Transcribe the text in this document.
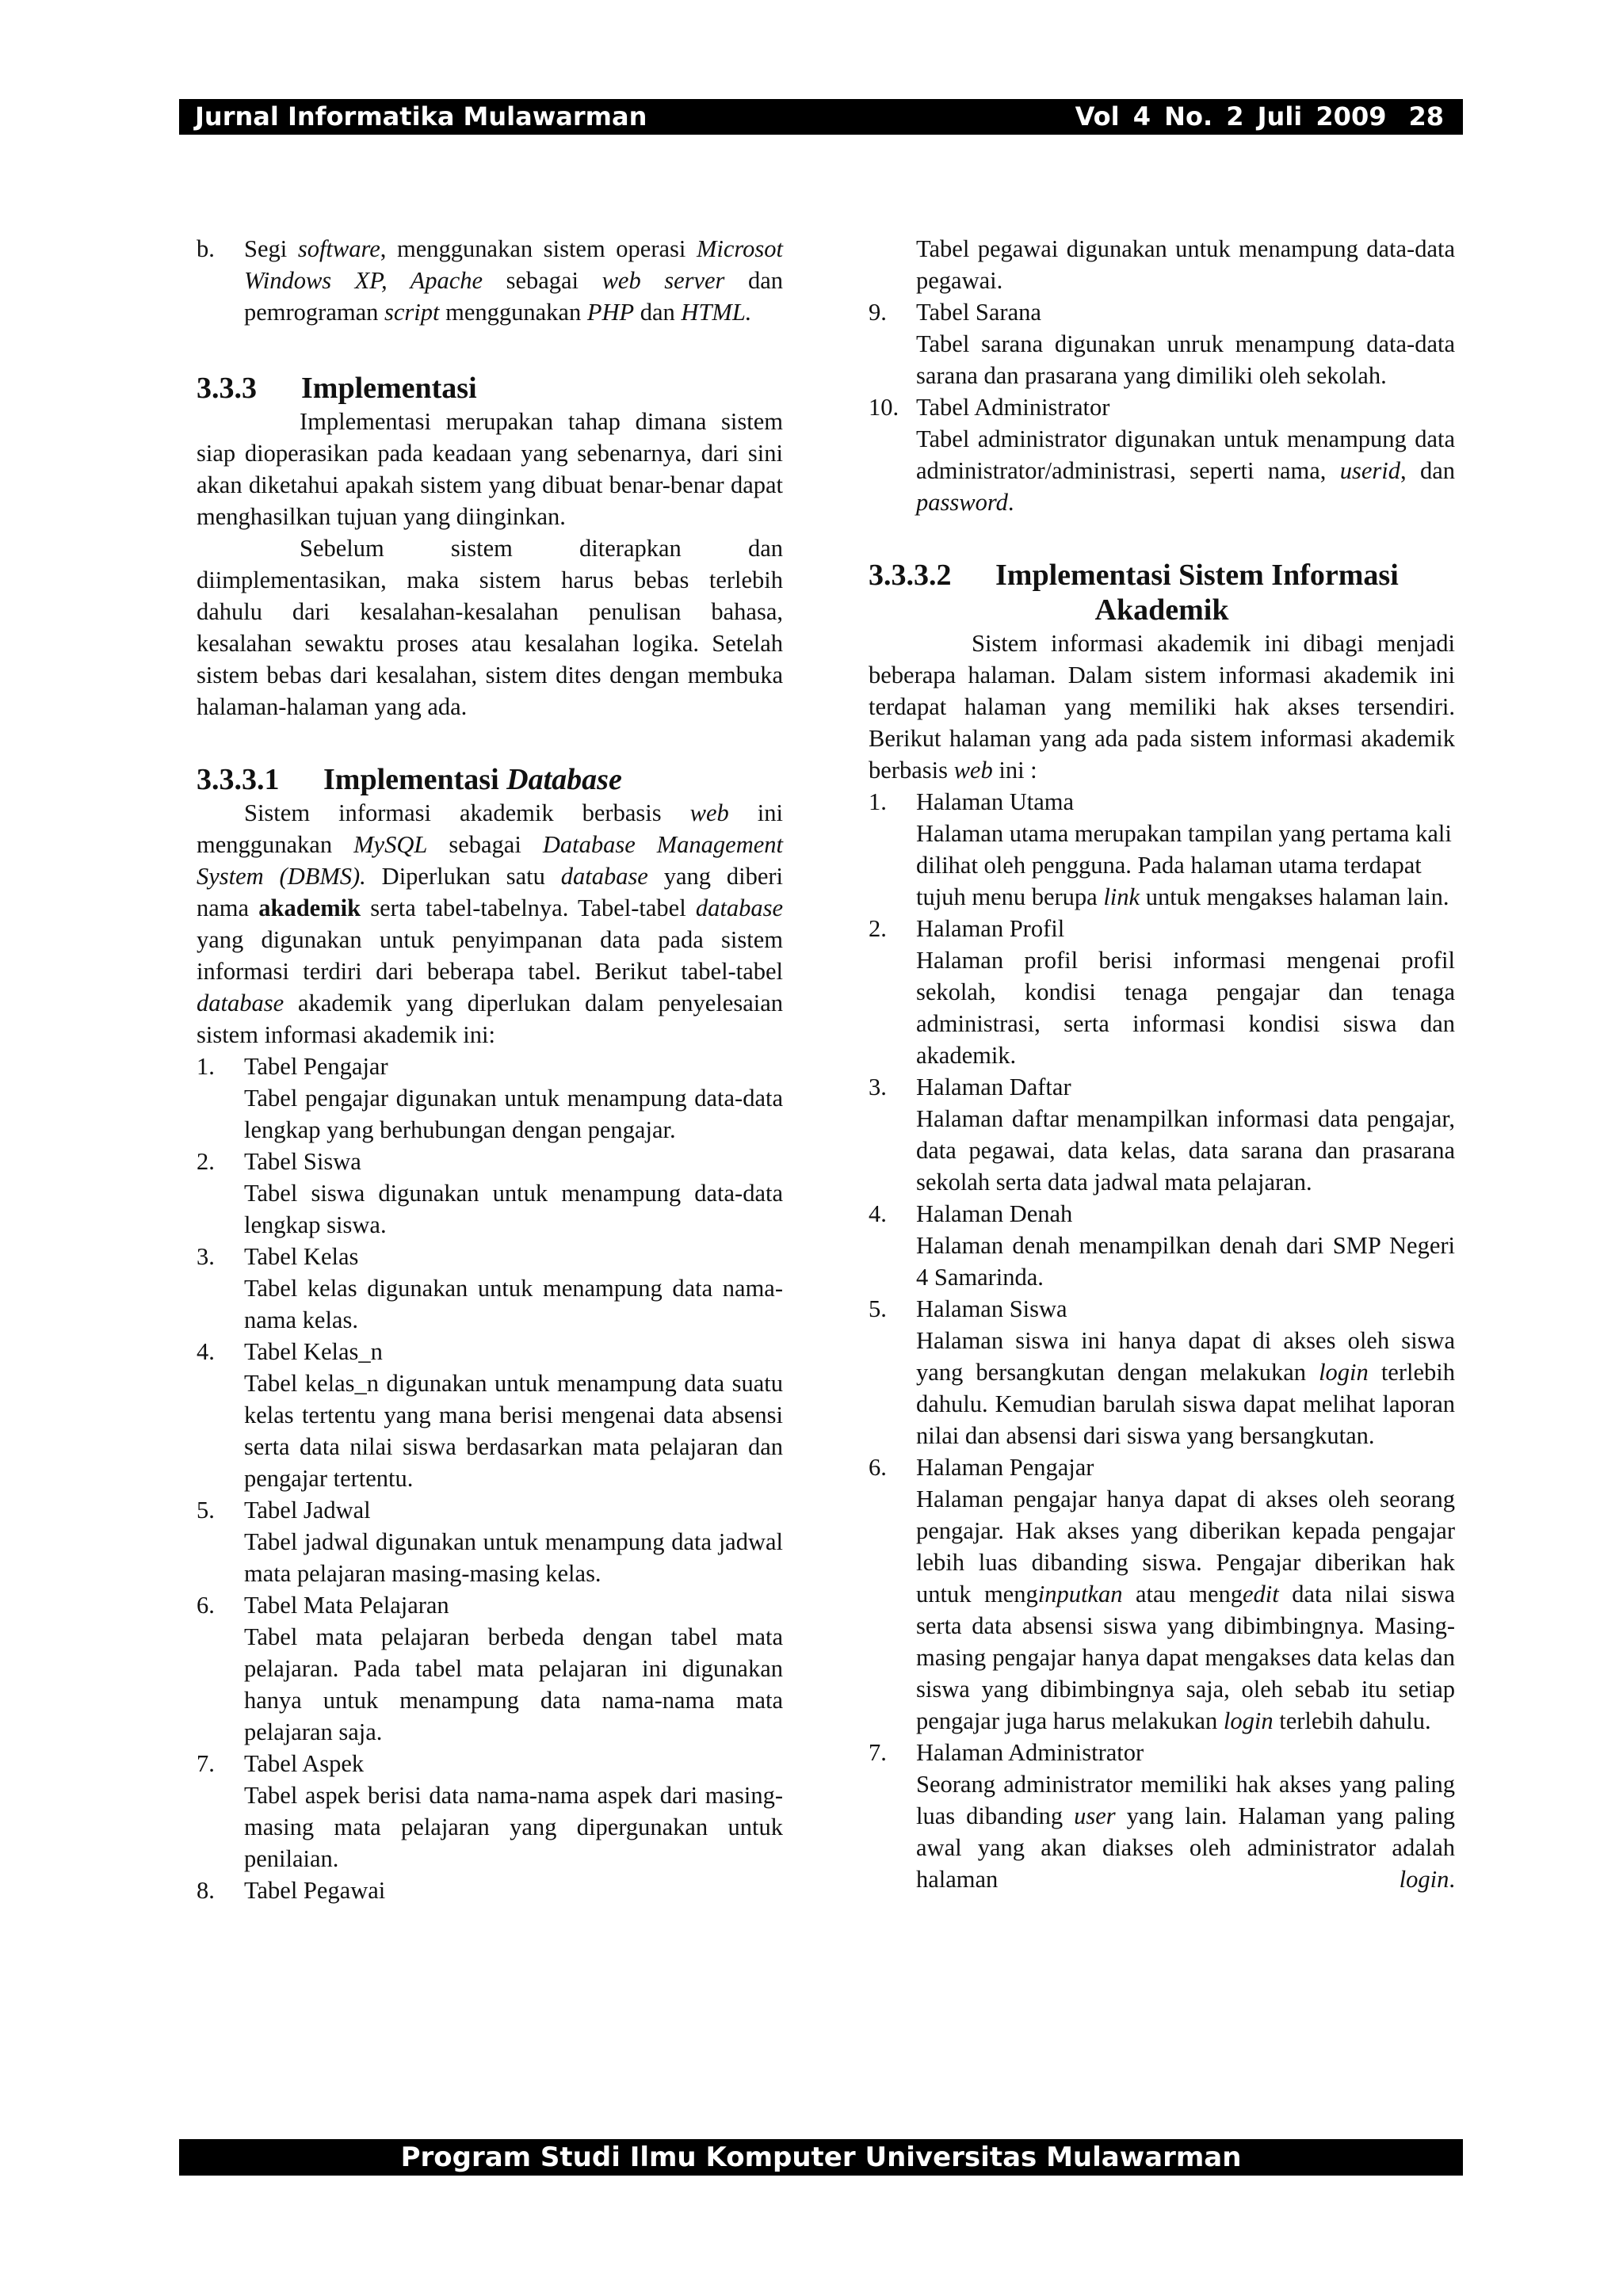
Jurnal Informatika Mulawarman	Vol 4 No. 2 Juli 2009 28
b. Segi software, menggunakan sistem operasi Microsot Windows XP, Apache sebagai web server dan pemrograman script menggunakan PHP dan HTML.
3.3.3 Implementasi
Implementasi merupakan tahap dimana sistem siap dioperasikan pada keadaan yang sebenarnya, dari sini akan diketahui apakah sistem yang dibuat benar-benar dapat menghasilkan tujuan yang diinginkan.
Sebelum sistem diterapkan dan diimplementasikan, maka sistem harus bebas terlebih dahulu dari kesalahan-kesalahan penulisan bahasa, kesalahan sewaktu proses atau kesalahan logika. Setelah sistem bebas dari kesalahan, sistem dites dengan membuka halaman-halaman yang ada.
3.3.3.1 Implementasi Database
Sistem informasi akademik berbasis web ini menggunakan MySQL sebagai Database Management System (DBMS). Diperlukan satu database yang diberi nama akademik serta tabel-tabelnya. Tabel-tabel database yang digunakan untuk penyimpanan data pada sistem informasi terdiri dari beberapa tabel. Berikut tabel-tabel database akademik yang diperlukan dalam penyelesaian sistem informasi akademik ini:
1. Tabel Pengajar
Tabel pengajar digunakan untuk menampung data-data lengkap yang berhubungan dengan pengajar.
2. Tabel Siswa
Tabel siswa digunakan untuk menampung data-data lengkap siswa.
3. Tabel Kelas
Tabel kelas digunakan untuk menampung data nama-nama kelas.
4. Tabel Kelas_n
Tabel kelas_n digunakan untuk menampung data suatu kelas tertentu yang mana berisi mengenai data absensi serta data nilai siswa berdasarkan mata pelajaran dan pengajar tertentu.
5. Tabel Jadwal
Tabel jadwal digunakan untuk menampung data jadwal mata pelajaran masing-masing kelas.
6. Tabel Mata Pelajaran
Tabel mata pelajaran berbeda dengan tabel mata pelajaran. Pada tabel mata pelajaran ini digunakan hanya untuk menampung data nama-nama mata pelajaran saja.
7. Tabel Aspek
Tabel aspek berisi data nama-nama aspek dari masing-masing mata pelajaran yang dipergunakan untuk penilaian.
8. Tabel Pegawai
Tabel pegawai digunakan untuk menampung data-data pegawai.
9. Tabel Sarana
Tabel sarana digunakan unruk menampung data-data sarana dan prasarana yang dimiliki oleh sekolah.
10. Tabel Administrator
Tabel administrator digunakan untuk menampung data administrator/administrasi, seperti nama, userid, dan password.
3.3.3.2 Implementasi Sistem Informasi
Akademik
Sistem informasi akademik ini dibagi menjadi beberapa halaman. Dalam sistem informasi akademik ini terdapat halaman yang memiliki hak akses tersendiri. Berikut halaman yang ada pada sistem informasi akademik berbasis web ini :
1. Halaman Utama
Halaman utama merupakan tampilan yang pertama kali dilihat oleh pengguna. Pada halaman utama terdapat tujuh menu berupa link untuk mengakses halaman lain.
2. Halaman Profil
Halaman profil berisi informasi mengenai profil sekolah, kondisi tenaga pengajar dan tenaga administrasi, serta informasi kondisi siswa dan akademik.
3. Halaman Daftar
Halaman daftar menampilkan informasi data pengajar, data pegawai, data kelas, data sarana dan prasarana sekolah serta data jadwal mata pelajaran.
4. Halaman Denah
Halaman denah menampilkan denah dari SMP Negeri 4 Samarinda.
5. Halaman Siswa
Halaman siswa ini hanya dapat di akses oleh siswa yang bersangkutan dengan melakukan login terlebih dahulu. Kemudian barulah siswa dapat melihat laporan nilai dan absensi dari siswa yang bersangkutan.
6. Halaman Pengajar
Halaman pengajar hanya dapat di akses oleh seorang pengajar. Hak akses yang diberikan kepada pengajar lebih luas dibanding siswa. Pengajar diberikan hak untuk menginputkan atau mengedit data nilai siswa serta data absensi siswa yang dibimbingnya. Masing-masing pengajar hanya dapat mengakses data kelas dan siswa yang dibimbingnya saja, oleh sebab itu setiap pengajar juga harus melakukan login terlebih dahulu.
7. Halaman Administrator
Seorang administrator memiliki hak akses yang paling luas dibanding user yang lain. Halaman yang paling awal yang akan diakses oleh administrator adalah halaman login.
Program Studi Ilmu Komputer Universitas Mulawarman
